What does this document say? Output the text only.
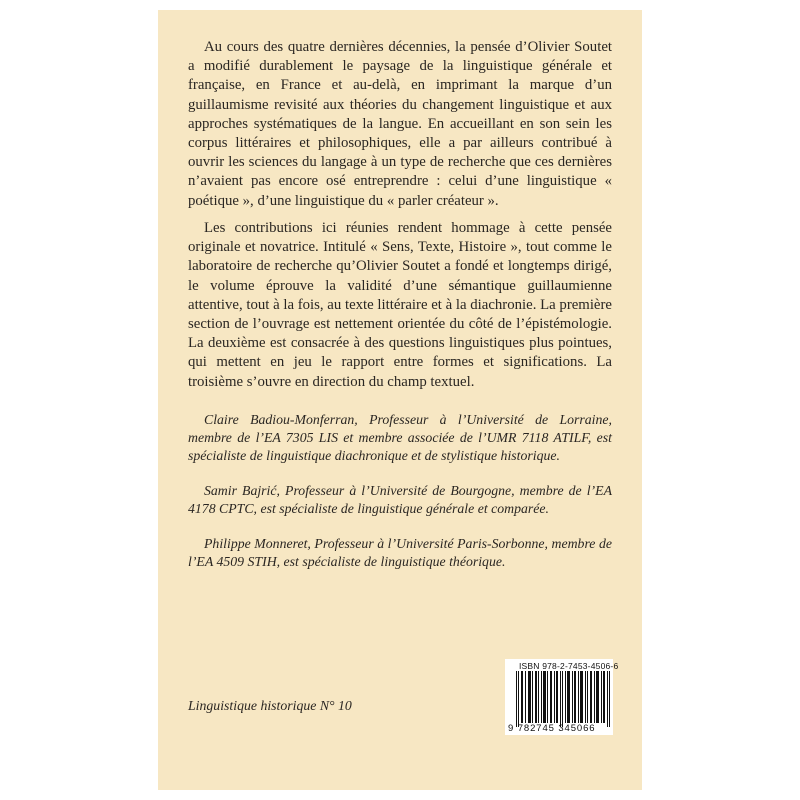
Au cours des quatre dernières décennies, la pensée d’Olivier Soutet a modifié durablement le paysage de la linguistique générale et française, en France et au-delà, en imprimant la marque d’un guillaumisme revisité aux théories du changement linguistique et aux approches systématiques de la langue. En accueillant en son sein les corpus littéraires et philosophiques, elle a par ailleurs contribué à ouvrir les sciences du langage à un type de recherche que ces dernières n’avaient pas encore osé entreprendre : celui d’une linguistique « poétique », d’une linguistique du « parler créateur ».

Les contributions ici réunies rendent hommage à cette pensée originale et novatrice. Intitulé « Sens, Texte, Histoire », tout comme le laboratoire de recherche qu’Olivier Soutet a fondé et longtemps dirigé, le volume éprouve la validité d’une sémantique guillaumienne attentive, tout à la fois, au texte littéraire et à la diachronie. La première section de l’ouvrage est nettement orientée du côté de l’épistémologie. La deuxième est consacrée à des questions linguistiques plus pointues, qui mettent en jeu le rapport entre formes et significations. La troisième s’ouvre en direction du champ textuel.

Claire Badiou-Monferran, Professeur à l’Université de Lorraine, membre de l’EA 7305 LIS et membre associée de l’UMR 7118 ATILF, est spécialiste de linguistique diachronique et de stylistique historique.

Samir Bajrić, Professeur à l’Université de Bourgogne, membre de l’EA 4178 CPTC, est spécialiste de linguistique générale et comparée.

Philippe Monneret, Professeur à l’Université Paris-Sorbonne, membre de l’EA 4509 STIH, est spécialiste de linguistique théorique.

Linguistique historique N° 10

ISBN 978-2-7453-4506-6
9 782745 345066
